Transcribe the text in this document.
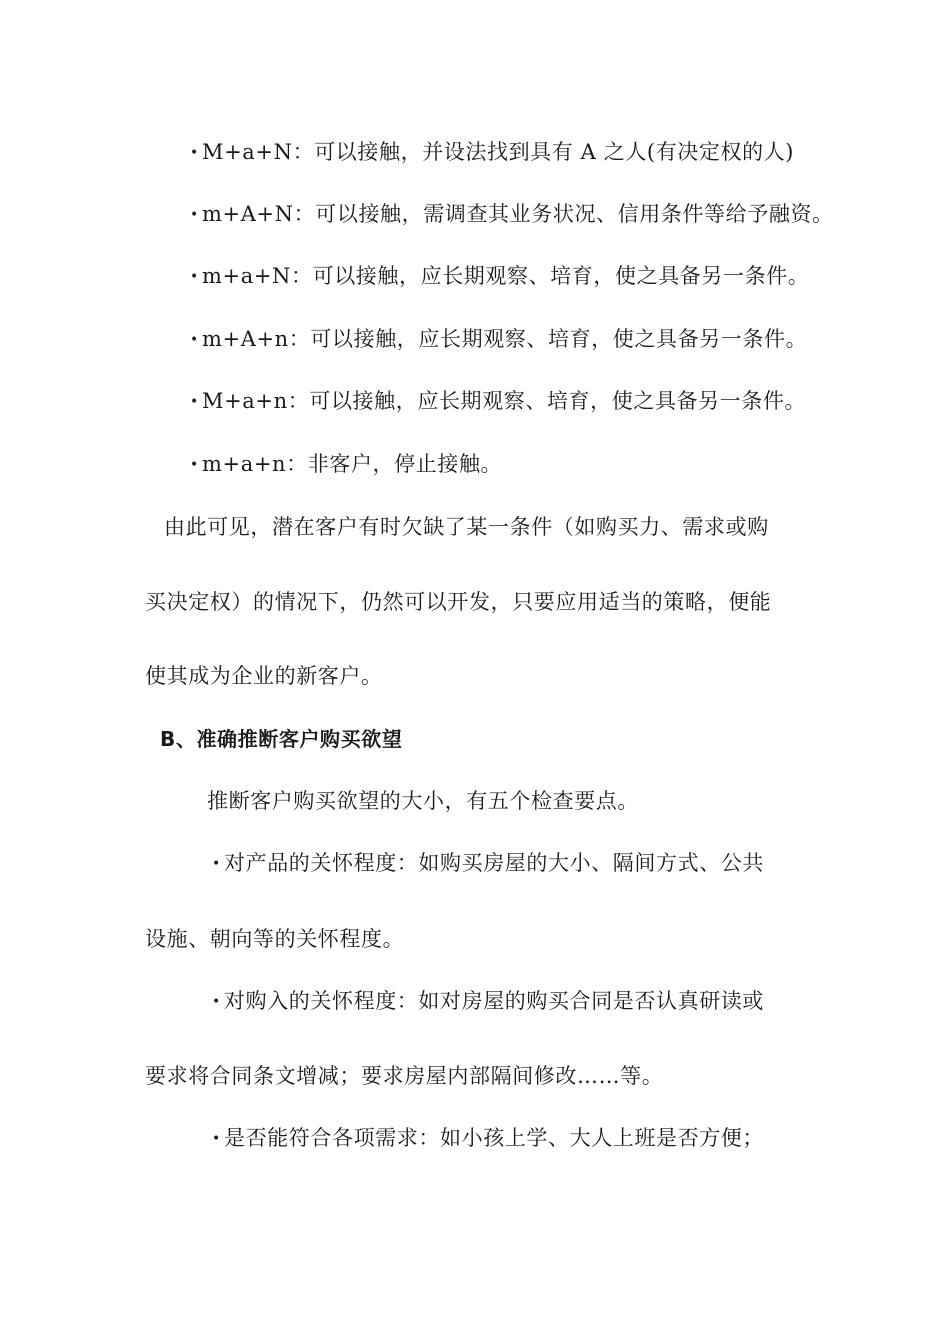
• M+a+N：可以接触，并设法找到具有 A 之人(有决定权的人)
• m+A+N：可以接触，需调查其业务状况、信用条件等给予融资。
• m+a+N：可以接触，应长期观察、培育，使之具备另一条件。
• m+A+n：可以接触，应长期观察、培育，使之具备另一条件。
• M+a+n：可以接触，应长期观察、培育，使之具备另一条件。
• m+a+n：非客户，停止接触。
由此可见，潜在客户有时欠缺了某一条件（如购买力、需求或购
买决定权）的情况下，仍然可以开发，只要应用适当的策略，便能
使其成为企业的新客户。
B、准确推断客户购买欲望
推断客户购买欲望的大小，有五个检查要点。
• 对产品的关怀程度：如购买房屋的大小、隔间方式、公共
设施、朝向等的关怀程度。
• 对购入的关怀程度：如对房屋的购买合同是否认真研读或
要求将合同条文增减；要求房屋内部隔间修改……等。
• 是否能符合各项需求：如小孩上学、大人上班是否方便；
